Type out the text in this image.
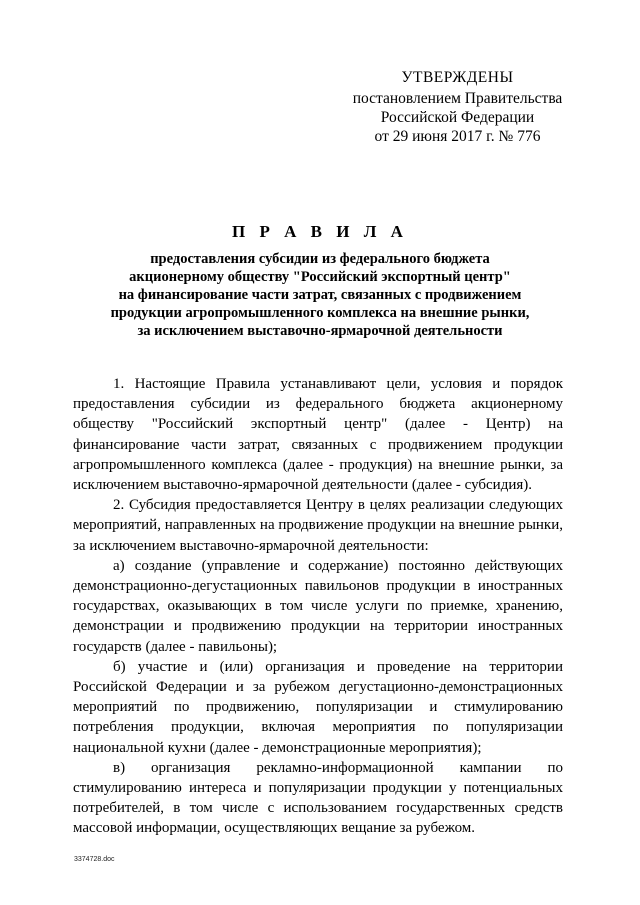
УТВЕРЖДЕНЫ
постановлением Правительства
Российской Федерации
от 29 июня 2017 г. № 776
П Р А В И Л А
предоставления субсидии из федерального бюджета
акционерному обществу "Российский экспортный центр"
на финансирование части затрат, связанных с продвижением
продукции агропромышленного комплекса на внешние рынки,
за исключением выставочно-ярмарочной деятельности

1. Настоящие Правила устанавливают цели, условия и порядок предоставления субсидии из федерального бюджета акционерному обществу "Российский экспортный центр" (далее - Центр) на финансирование части затрат, связанных с продвижением продукции агропромышленного комплекса (далее - продукция) на внешние рынки, за исключением выставочно-ярмарочной деятельности (далее - субсидия).

2. Субсидия предоставляется Центру в целях реализации следующих мероприятий, направленных на продвижение продукции на внешние рынки, за исключением выставочно-ярмарочной деятельности:

а) создание (управление и содержание) постоянно действующих демонстрационно-дегустационных павильонов продукции в иностранных государствах, оказывающих в том числе услуги по приемке, хранению, демонстрации и продвижению продукции на территории иностранных государств (далее - павильоны);

б) участие и (или) организация и проведение на территории Российской Федерации и за рубежом дегустационно-демонстрационных мероприятий по продвижению, популяризации и стимулированию потребления продукции, включая мероприятия по популяризации национальной кухни (далее - демонстрационные мероприятия);

в) организация рекламно-информационной кампании по стимулированию интереса и популяризации продукции у потенциальных потребителей, в том числе с использованием государственных средств массовой информации, осуществляющих вещание за рубежом.

3374728.doc
